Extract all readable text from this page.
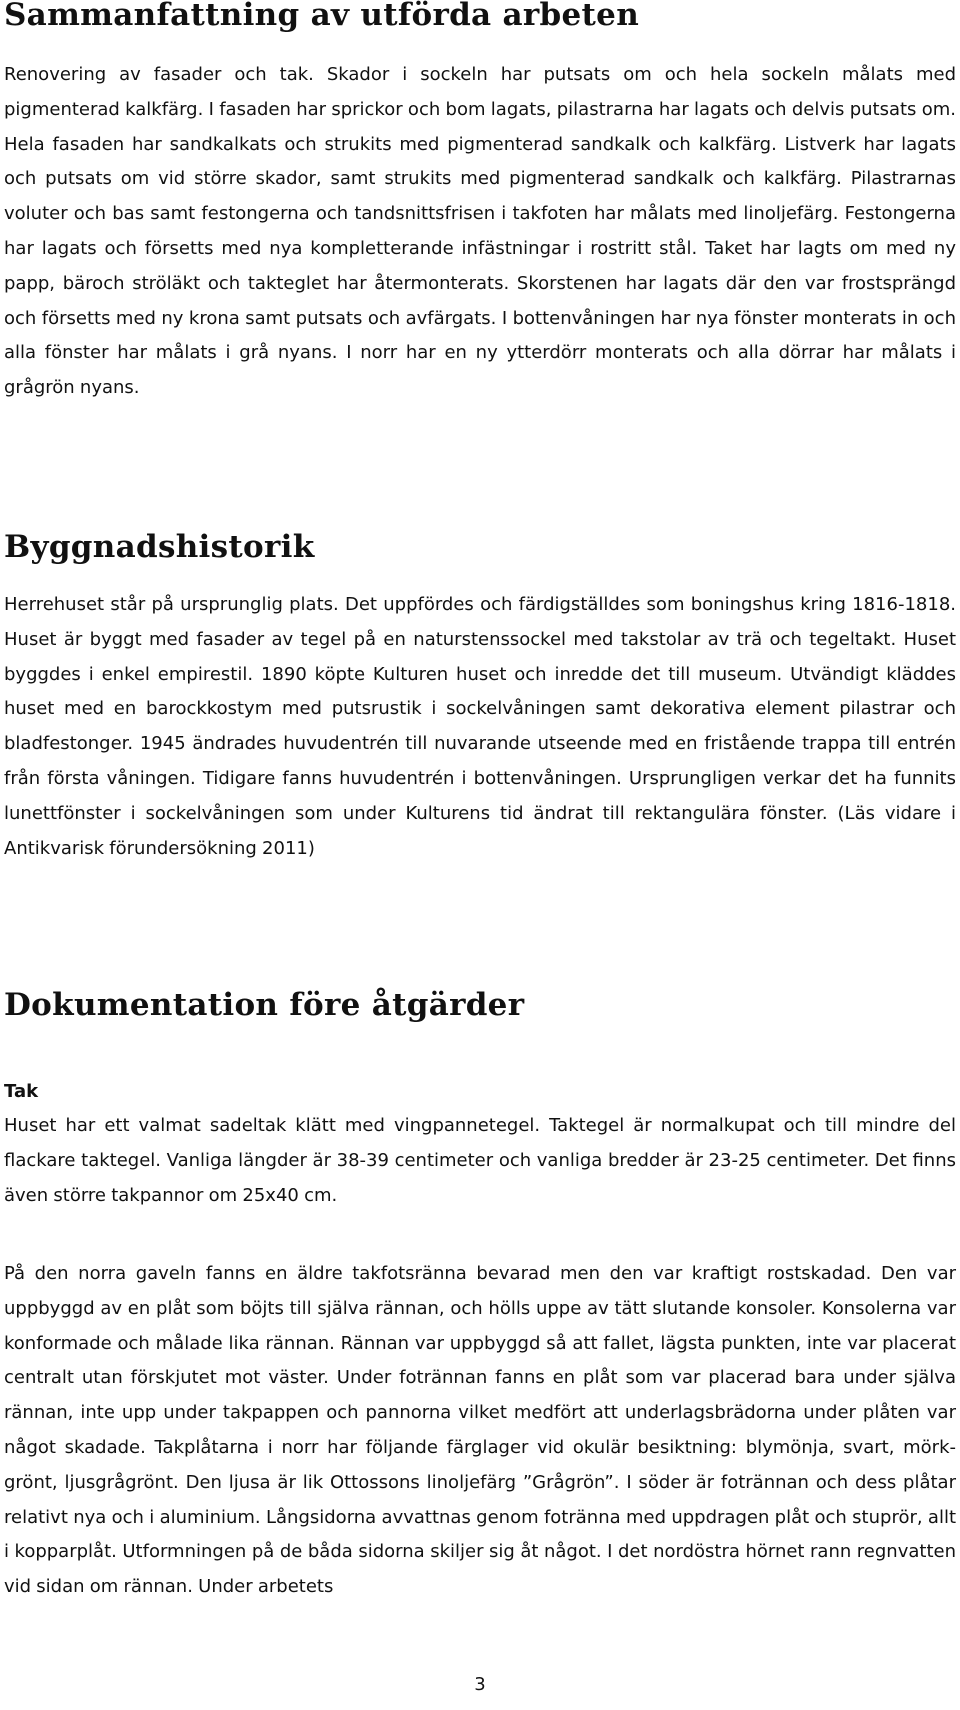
Sammanfattning av utförda arbeten

Renovering av fasader och tak. Skador i sockeln har putsats om och hela sockeln målats med pigmenterad kalkfärg. I fasaden har sprickor och bom lagats, pilastrarna har lagats och delvis putsats om. Hela fasaden har sandkalkats och strukits med pigmenterad sandkalk och kalkfärg. Listverk har lagats och putsats om vid större skador, samt strukits med pigmenterad sandkalk och kalkfärg. Pilastrarnas voluter och bas samt festongerna och tandsnittsfrisen i takfoten har målats med linoljefärg. Festongerna har lagats och försetts med nya kompletterande infästningar i rostritt stål. Taket har lagts om med ny papp, bäroch ströläkt och takteglet har återmonterats. Skorstenen har lagats där den var frostsprängd och försetts med ny krona samt putsats och avfärgats. I bottenvåningen har nya fönster monterats in och alla fönster har målats i grå nyans. I norr har en ny ytterdörr monterats och alla dörrar har målats i grågrön nyans.

Byggnadshistorik

Herrehuset står på ursprunglig plats. Det uppfördes och färdigställdes som boningshus kring 1816-1818. Huset är byggt med fasader av tegel på en naturstenssockel med takstolar av trä och tegeltakt. Huset byggdes i enkel empirestil. 1890 köpte Kulturen huset och inredde det till museum. Utvändigt kläddes huset med en barockkostym med putsrustik i sockelvåningen samt dekorativa element pilastrar och bladfestonger. 1945 ändrades huvudentrén till nuvarande utseende med en fristående trappa till entrén från första våningen. Tidigare fanns huvudentrén i bottenvåningen. Ursprungligen verkar det ha funnits lunettfönster i sockelvåningen som under Kulturens tid ändrat till rektangulära fönster. (Läs vidare i Antikvarisk förundersökning 2011)

Dokumentation före åtgärder
Tak

Huset har ett valmat sadeltak klätt med vingpannetegel. Taktegel är normalkupat och till mindre del flackare taktegel. Vanliga längder är 38-39 centimeter och vanliga bredder är 23-25 centimeter. Det finns även större takpannor om 25x40 cm.

På den norra gaveln fanns en äldre takfotsränna bevarad men den var kraftigt rostskadad. Den var uppbyggd av en plåt som böjts till själva rännan, och hölls uppe av tätt slutande konsoler. Konsolerna var konformade och målade lika rännan. Rännan var uppbyggd så att fallet, lägsta punkten, inte var placerat centralt utan förskjutet mot väster. Under fotrännan fanns en plåt som var placerad bara under själva rännan, inte upp under takpappen och pannorna vilket medfört att underlagsbrädorna under plåten var något skadade. Takplåtarna i norr har följande färglager vid okulär besiktning: blymönja, svart, mörkgrönt, ljusgrågrönt. Den ljusa är lik Ottossons linoljefärg ”Grågrön”. I söder är fotrännan och dess plåtar relativt nya och i aluminium. Långsidorna avvattnas genom fotränna med uppdragen plåt och stuprör, allt i kopparplåt. Utformningen på de båda sidorna skiljer sig åt något. I det nordöstra hörnet rann regnvatten vid sidan om rännan. Under arbetets

3
